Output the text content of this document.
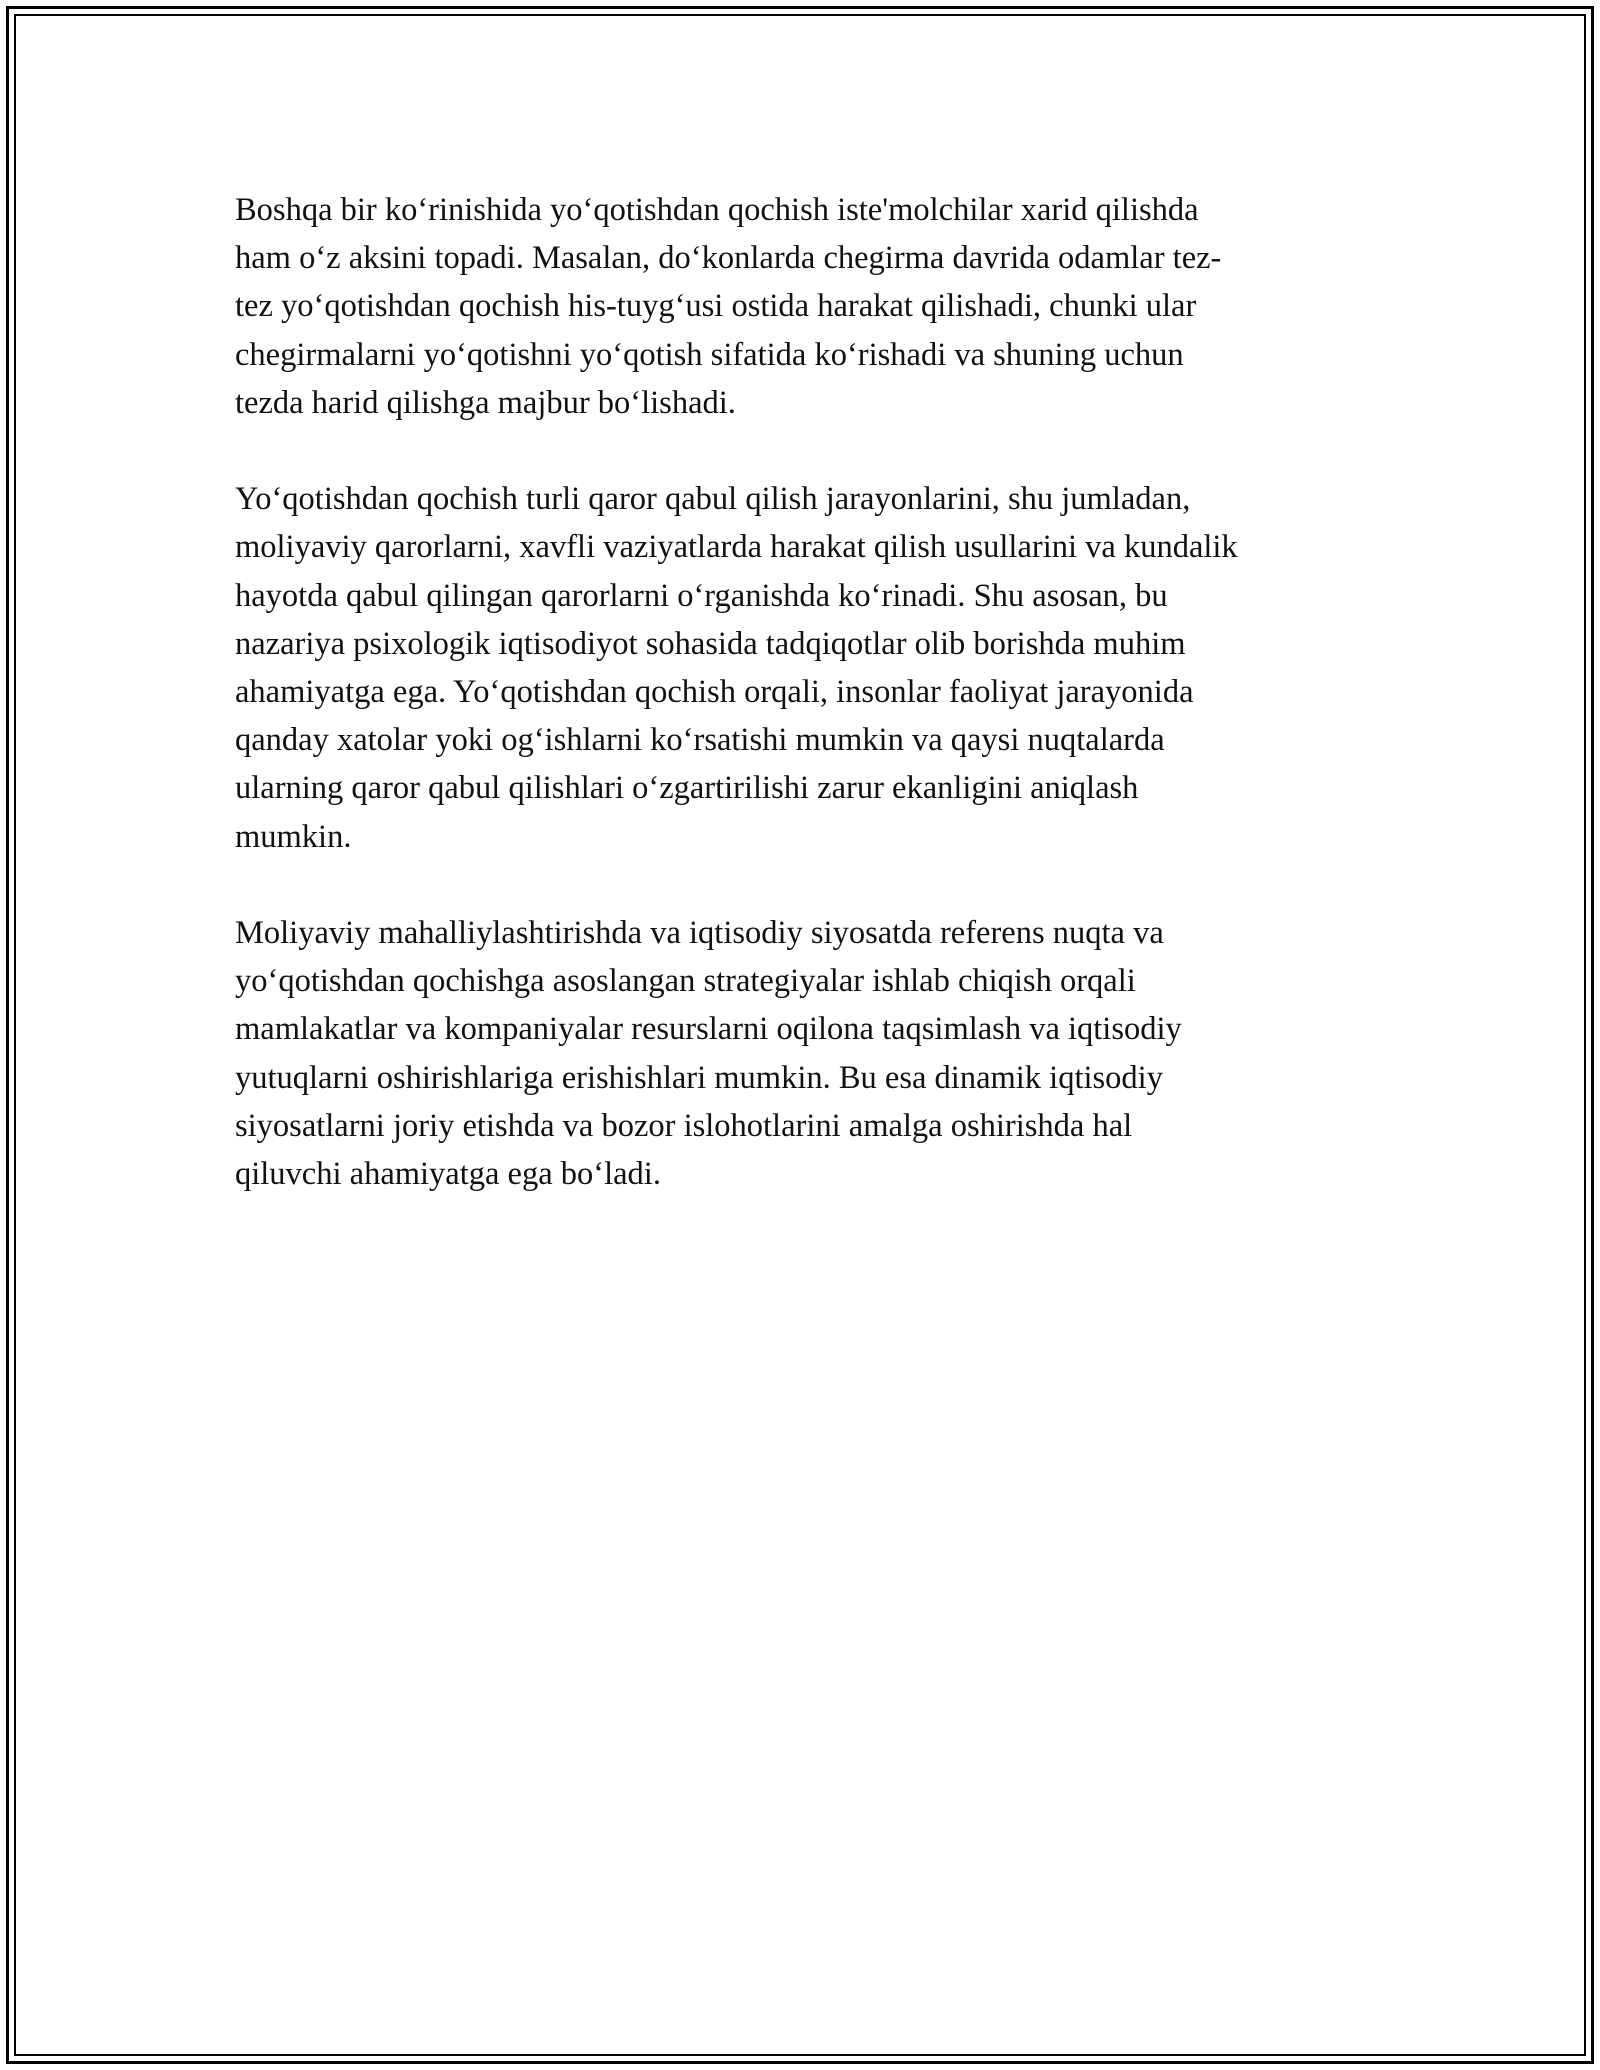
Boshqa bir koʻrinishida yoʻqotishdan qochish iste'molchilar xarid qilishda
ham oʻz aksini topadi. Masalan, doʻkonlarda chegirma davrida odamlar tez-
tez yoʻqotishdan qochish his-tuygʻusi ostida harakat qilishadi, chunki ular
chegirmalarni yoʻqotishni yoʻqotish sifatida koʻrishadi va shuning uchun
tezda harid qilishga majbur boʻlishadi.

Yoʻqotishdan qochish turli qaror qabul qilish jarayonlarini, shu jumladan,
moliyaviy qarorlarni, xavfli vaziyatlarda harakat qilish usullarini va kundalik
hayotda qabul qilingan qarorlarni oʻrganishda koʻrinadi. Shu asosan, bu
nazariya psixologik iqtisodiyot sohasida tadqiqotlar olib borishda muhim
ahamiyatga ega. Yoʻqotishdan qochish orqali, insonlar faoliyat jarayonida
qanday xatolar yoki ogʻishlarni koʻrsatishi mumkin va qaysi nuqtalarda
ularning qaror qabul qilishlari oʻzgartirilishi zarur ekanligini aniqlash
mumkin.

Moliyaviy mahalliylashtirishda va iqtisodiy siyosatda referens nuqta va
yoʻqotishdan qochishga asoslangan strategiyalar ishlab chiqish orqali
mamlakatlar va kompaniyalar resurslarni oqilona taqsimlash va iqtisodiy
yutuqlarni oshirishlariga erishishlari mumkin. Bu esa dinamik iqtisodiy
siyosatlarni joriy etishda va bozor islohotlarini amalga oshirishda hal
qiluvchi ahamiyatga ega boʻladi.
